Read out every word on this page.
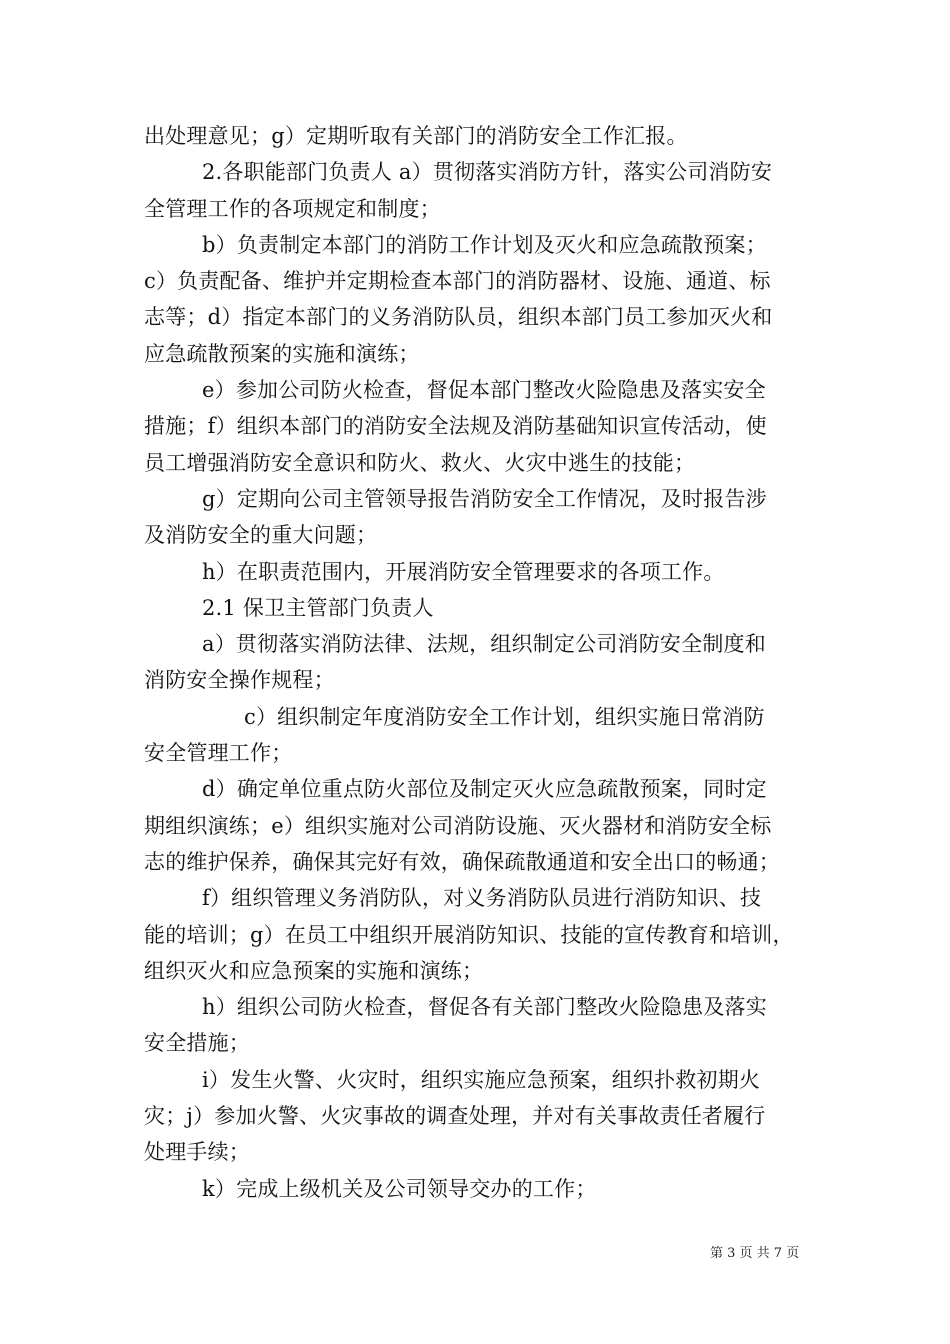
出处理意见；g）定期听取有关部门的消防安全工作汇报。
2.各职能部门负责人 a）贯彻落实消防方针，落实公司消防安
全管理工作的各项规定和制度；
b）负责制定本部门的消防工作计划及灭火和应急疏散预案；
c）负责配备、维护并定期检查本部门的消防器材、设施、通道、标
志等；d）指定本部门的义务消防队员，组织本部门员工参加灭火和
应急疏散预案的实施和演练；
e）参加公司防火检查，督促本部门整改火险隐患及落实安全
措施；f）组织本部门的消防安全法规及消防基础知识宣传活动，使
员工增强消防安全意识和防火、救火、火灾中逃生的技能；
g）定期向公司主管领导报告消防安全工作情况，及时报告涉
及消防安全的重大问题；
h）在职责范围内，开展消防安全管理要求的各项工作。
2.1 保卫主管部门负责人
a）贯彻落实消防法律、法规，组织制定公司消防安全制度和
消防安全操作规程；
c）组织制定年度消防安全工作计划，组织实施日常消防
安全管理工作；
d）确定单位重点防火部位及制定灭火应急疏散预案，同时定
期组织演练；e）组织实施对公司消防设施、灭火器材和消防安全标
志的维护保养，确保其完好有效，确保疏散通道和安全出口的畅通；
f）组织管理义务消防队，对义务消防队员进行消防知识、技
能的培训；g）在员工中组织开展消防知识、技能的宣传教育和培训，
组织灭火和应急预案的实施和演练；
h）组织公司防火检查，督促各有关部门整改火险隐患及落实
安全措施；
i）发生火警、火灾时，组织实施应急预案，组织扑救初期火
灾；j）参加火警、火灾事故的调查处理，并对有关事故责任者履行
处理手续；
k）完成上级机关及公司领导交办的工作；
第 3 页 共 7 页
